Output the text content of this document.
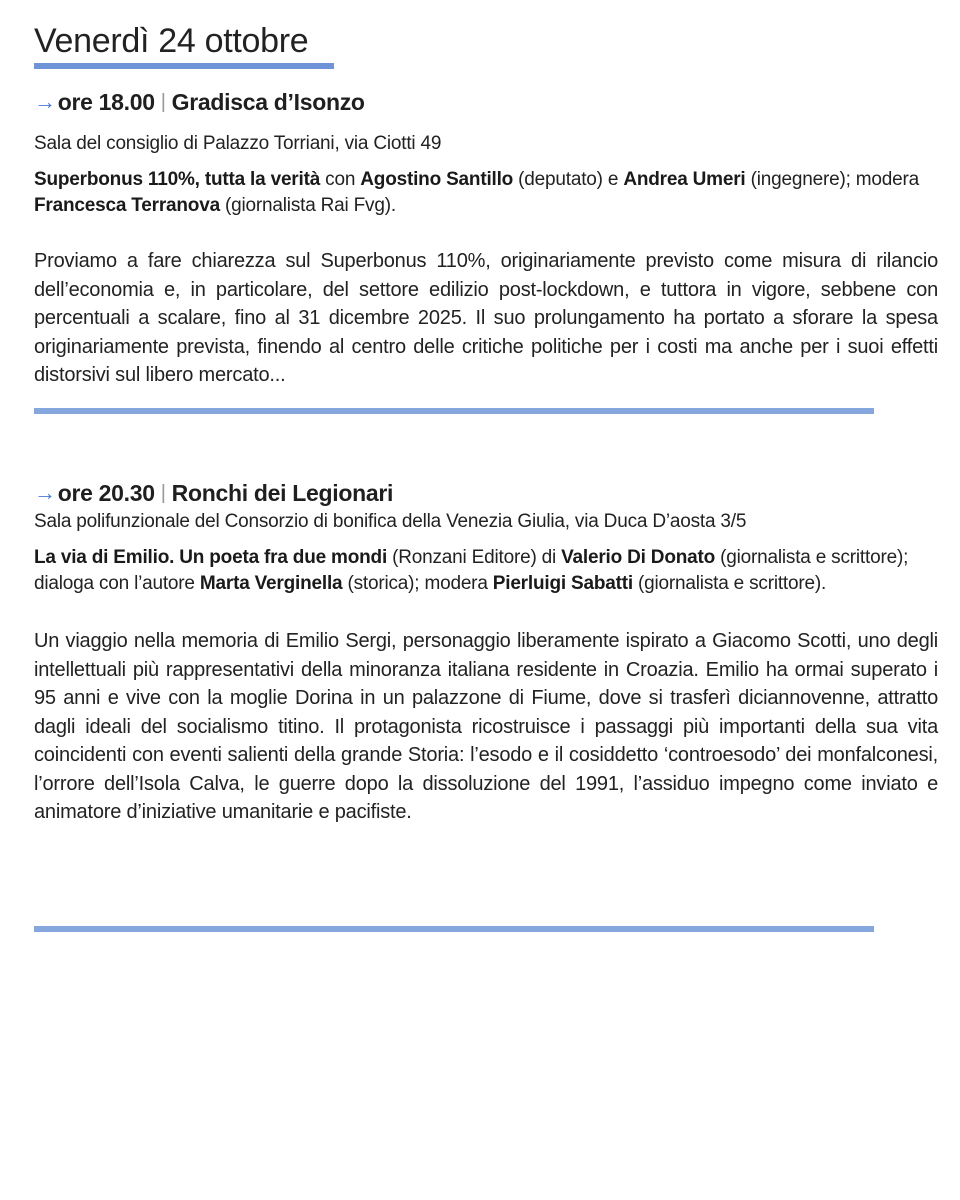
Venerdì 24 ottobre
→ ore 18.00 | Gradisca d’Isonzo

Sala del consiglio di Palazzo Torriani, via Ciotti 49

Superbonus 110%, tutta la verità con Agostino Santillo (deputato) e Andrea Umeri (ingegnere); modera Francesca Terranova (giornalista Rai Fvg).

Proviamo a fare chiarezza sul Superbonus 110%, originariamente previsto come misura di rilancio dell’economia e, in particolare, del settore edilizio post-lockdown, e tuttora in vigore, sebbene con percentuali a scalare, fino al 31 dicembre 2025. Il suo prolungamento ha portato a sforare la spesa originariamente prevista, finendo al centro delle critiche politiche per i costi ma anche per i suoi effetti distorsivi sul libero mercato...

→ ore 20.30 | Ronchi dei Legionari

Sala polifunzionale del Consorzio di bonifica della Venezia Giulia, via Duca D’aosta 3/5

La via di Emilio. Un poeta fra due mondi (Ronzani Editore) di Valerio Di Donato (giornalista e scrittore); dialoga con l’autore Marta Verginella (storica); modera Pierluigi Sabatti (giornalista e scrittore).

Un viaggio nella memoria di Emilio Sergi, personaggio liberamente ispirato a Giacomo Scotti, uno degli intellettuali più rappresentativi della minoranza italiana residente in Croazia. Emilio ha ormai superato i 95 anni e vive con la moglie Dorina in un palazzone di Fiume, dove si trasferì diciannovenne, attratto dagli ideali del socialismo titino. Il protagonista ricostruisce i passaggi più importanti della sua vita coincidenti con eventi salienti della grande Storia: l’esodo e il cosiddetto ‘controesodo’ dei monfalconesi, l’orrore dell’Isola Calva, le guerre dopo la dissoluzione del 1991, l’assiduo impegno come inviato e animatore d’iniziative umanitarie e pacifiste.
